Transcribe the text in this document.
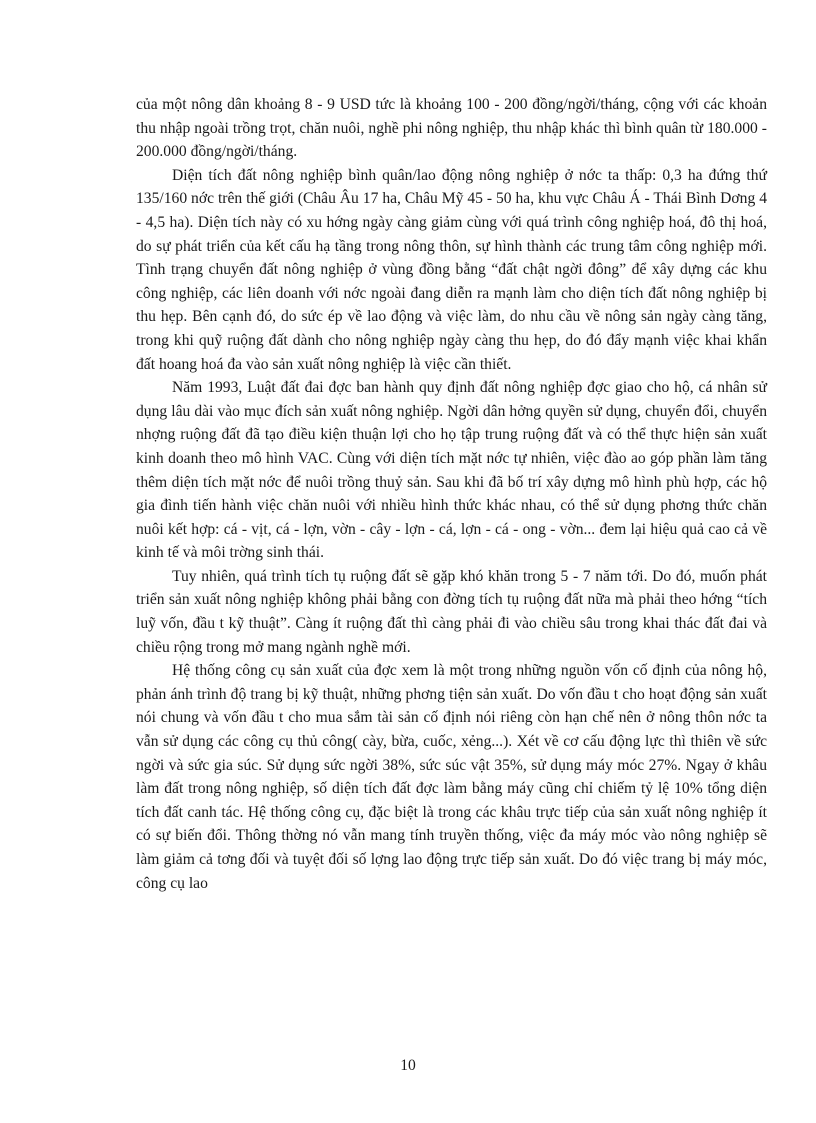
của một nông dân khoảng 8 - 9 USD tức là khoảng 100 - 200 đồng/ngời/tháng, cộng với các khoản thu nhập ngoài trồng trọt, chăn nuôi, nghề phi nông nghiệp, thu nhập khác thì bình quân từ 180.000 - 200.000 đồng/ngời/tháng.

Diện tích đất nông nghiệp bình quân/lao động nông nghiệp ở nớc ta thấp: 0,3 ha đứng thứ 135/160 nớc trên thế giới (Châu Âu 17 ha, Châu Mỹ 45 - 50 ha, khu vực Châu Á - Thái Bình Dơng 4 - 4,5 ha). Diện tích này có xu hớng ngày càng giảm cùng với quá trình công nghiệp hoá, đô thị hoá, do sự phát triển của kết cấu hạ tầng trong nông thôn, sự hình thành các trung tâm công nghiệp mới. Tình trạng chuyển đất nông nghiệp ở vùng đồng bằng “đất chật ngời đông” để xây dựng các khu công nghiệp, các liên doanh với nớc ngoài đang diễn ra mạnh làm cho diện tích đất nông nghiệp bị thu hẹp. Bên cạnh đó, do sức ép về lao động và việc làm, do nhu cầu về nông sản ngày càng tăng, trong khi quỹ ruộng đất dành cho nông nghiệp ngày càng thu hẹp, do đó đẩy mạnh việc khai khẩn đất hoang hoá đa vào sản xuất nông nghiệp là việc cần thiết.

Năm 1993, Luật đất đai đợc ban hành quy định đất nông nghiệp đợc giao cho hộ, cá nhân sử dụng lâu dài vào mục đích sản xuất nông nghiệp. Ngời dân hởng quyền sử dụng, chuyển đổi, chuyển nhợng ruộng đất đã tạo điều kiện thuận lợi cho họ tập trung ruộng đất và có thể thực hiện sản xuất kinh doanh theo mô hình VAC. Cùng với diện tích mặt nớc tự nhiên, việc đào ao góp phần làm tăng thêm diện tích mặt nớc để nuôi trồng thuỷ sản. Sau khi đã bố trí xây dựng mô hình phù hợp, các hộ gia đình tiến hành việc chăn nuôi với nhiều hình thức khác nhau, có thể sử dụng phơng thức chăn nuôi kết hợp: cá - vịt, cá - lợn, vờn - cây - lợn - cá, lợn - cá - ong - vờn... đem lại hiệu quả cao cả về kinh tế và môi trờng sinh thái.

Tuy nhiên, quá trình tích tụ ruộng đất sẽ gặp khó khăn trong 5 - 7 năm tới. Do đó, muốn phát triển sản xuất nông nghiệp không phải bằng con đờng tích tụ ruộng đất nữa mà phải theo hớng “tích luỹ vốn, đầu t kỹ thuật”. Càng ít ruộng đất thì càng phải đi vào chiều sâu trong khai thác đất đai và chiều rộng trong mở mang ngành nghề mới.

Hệ thống công cụ sản xuất của đợc xem là một trong những nguồn vốn cố định của nông hộ, phản ánh trình độ trang bị kỹ thuật, những phơng tiện sản xuất. Do vốn đầu t cho hoạt động sản xuất nói chung và vốn đầu t cho mua sắm tài sản cố định nói riêng còn hạn chế nên ở nông thôn nớc ta vẫn sử dụng các công cụ thủ công( cày, bừa, cuốc, xẻng...). Xét về cơ cấu động lực thì thiên về sức ngời và sức gia súc. Sử dụng sức ngời 38%, sức súc vật 35%, sử dụng máy móc 27%. Ngay ở khâu làm đất trong nông nghiệp, số diện tích đất đợc làm bằng máy cũng chỉ chiếm tỷ lệ 10% tổng diện tích đất canh tác. Hệ thống công cụ, đặc biệt là trong các khâu trực tiếp của sản xuất nông nghiệp ít có sự biến đổi. Thông thờng nó vẫn mang tính truyền thống, việc đa máy móc vào nông nghiệp sẽ làm giảm cả tơng đối và tuyệt đối số lợng lao động trực tiếp sản xuất. Do đó việc trang bị máy móc, công cụ lao

10
